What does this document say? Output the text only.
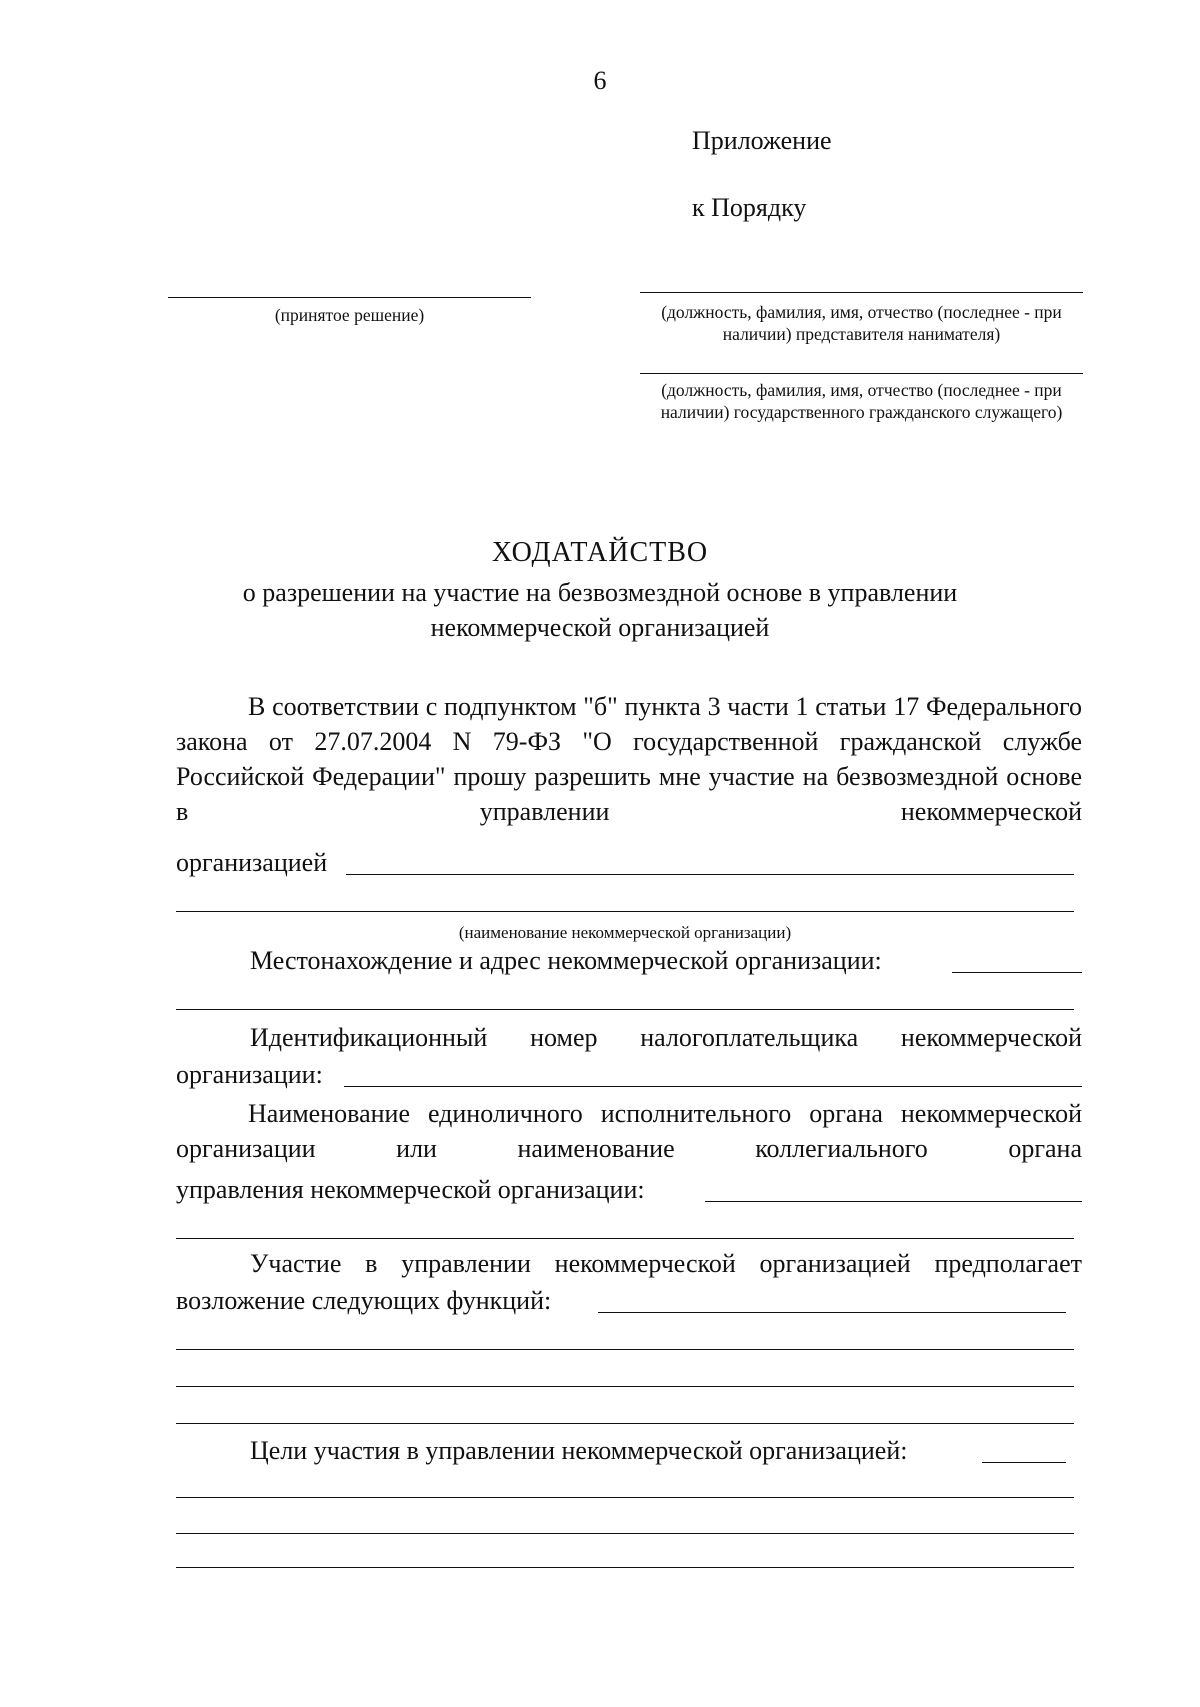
6
Приложение
к Порядку
(принятое решение)	(должность, фамилия, имя, отчество (последнее - при наличии) представителя нанимателя)
(должность, фамилия, имя, отчество (последнее - при наличии) государственного гражданского служащего)
ХОДАТАЙСТВО
о разрешении на участие на безвозмездной основе в управлении
некоммерческой организацией
В соответствии с подпунктом "б" пункта 3 части 1 статьи 17 Федерального закона от 27.07.2004 N 79-ФЗ "О государственной гражданской службе Российской Федерации" прошу разрешить мне участие на безвозмездной основе в управлении некоммерческой
организацией
(наименование некоммерческой организации)
Местонахождение и адрес некоммерческой организации:
Идентификационный номер налогоплательщика некоммерческой
организации:
Наименование единоличного исполнительного органа некоммерческой организации или наименование коллегиального органа
управления некоммерческой организации:
Участие в управлении некоммерческой организацией предполагает
возложение следующих функций:
Цели участия в управлении некоммерческой организацией:
